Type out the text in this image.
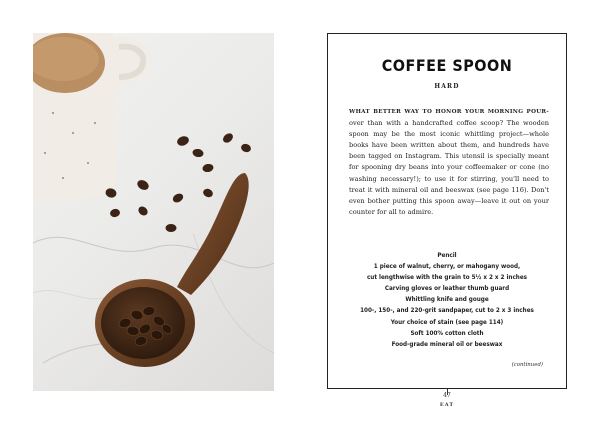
COFFEE SPOON
HARD
WHAT BETTER WAY TO HONOR YOUR MORNING POUR- over than with a handcrafted coffee scoop? The wooden spoon may be the most iconic whittling project—whole books have been written about them, and hundreds have been tagged on Instagram. This utensil is specially meant for spooning dry beans into your coffeemaker or cone (no washing necessary!); to use it for stirring, you'll need to treat it with mineral oil and beeswax (see page 116). Don't even bother putting this spoon away—leave it out on your counter for all to admire.
Pencil
1 piece of walnut, cherry, or mahogany wood,
cut lengthwise with the grain to 5½ x 2 x 2 inches
Carving gloves or leather thumb guard
Whittling knife and gouge
100-, 150-, and 220-grit sandpaper, cut to 2 x 3 inches
Your choice of stain (see page 114)
Soft 100% cotton cloth
Food-grade mineral oil or beeswax
(continued)
47
EAT
